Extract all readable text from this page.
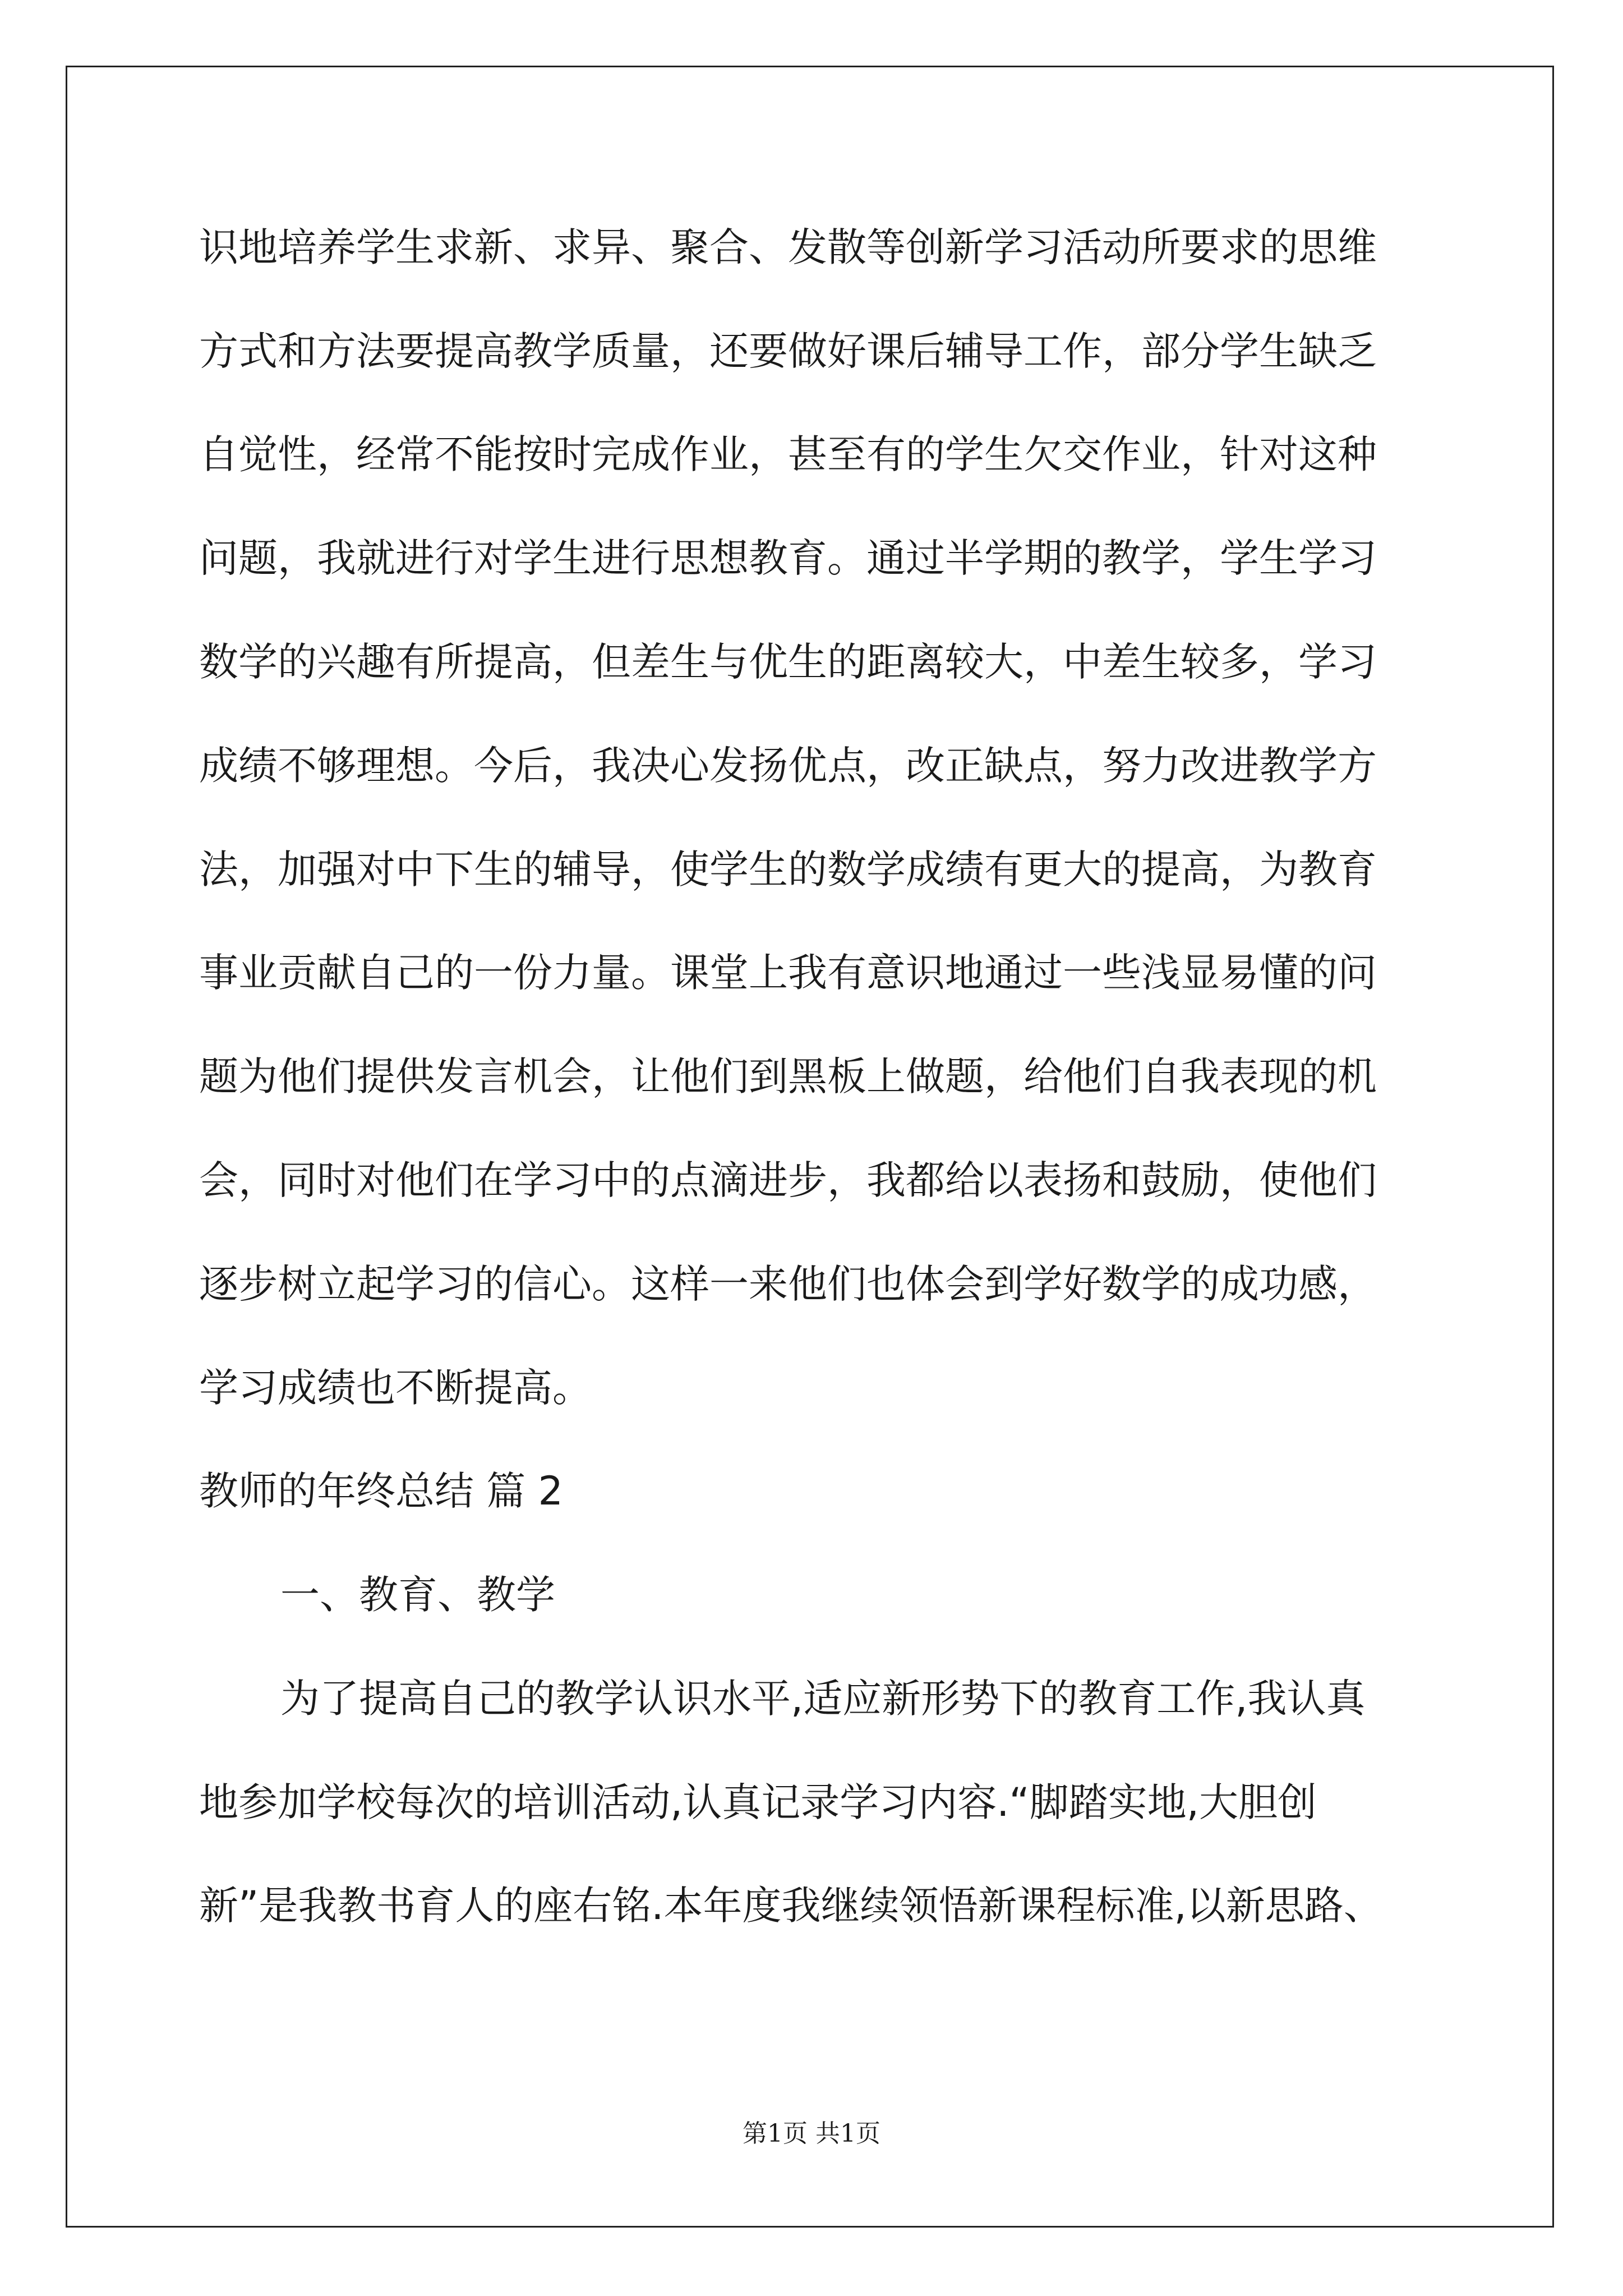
识地培养学生求新、求异、聚合、发散等创新学习活动所要求的思维
方式和方法要提高教学质量，还要做好课后辅导工作，部分学生缺乏
自觉性，经常不能按时完成作业，甚至有的学生欠交作业，针对这种
问题，我就进行对学生进行思想教育。通过半学期的教学，学生学习
数学的兴趣有所提高，但差生与优生的距离较大，中差生较多，学习
成绩不够理想。今后，我决心发扬优点，改正缺点，努力改进教学方
法，加强对中下生的辅导，使学生的数学成绩有更大的提高，为教育
事业贡献自己的一份力量。课堂上我有意识地通过一些浅显易懂的问
题为他们提供发言机会，让他们到黑板上做题，给他们自我表现的机
会，同时对他们在学习中的点滴进步，我都给以表扬和鼓励，使他们
逐步树立起学习的信心。这样一来他们也体会到学好数学的成功感，
学习成绩也不断提高。
教师的年终总结 篇 2
一、教育、教学
为了提高自己的教学认识水平,适应新形势下的教育工作,我认真
地参加学校每次的培训活动,认真记录学习内容.“脚踏实地,大胆创
新”是我教书育人的座右铭.本年度我继续领悟新课程标准,以新思路、
第1页 共1页
